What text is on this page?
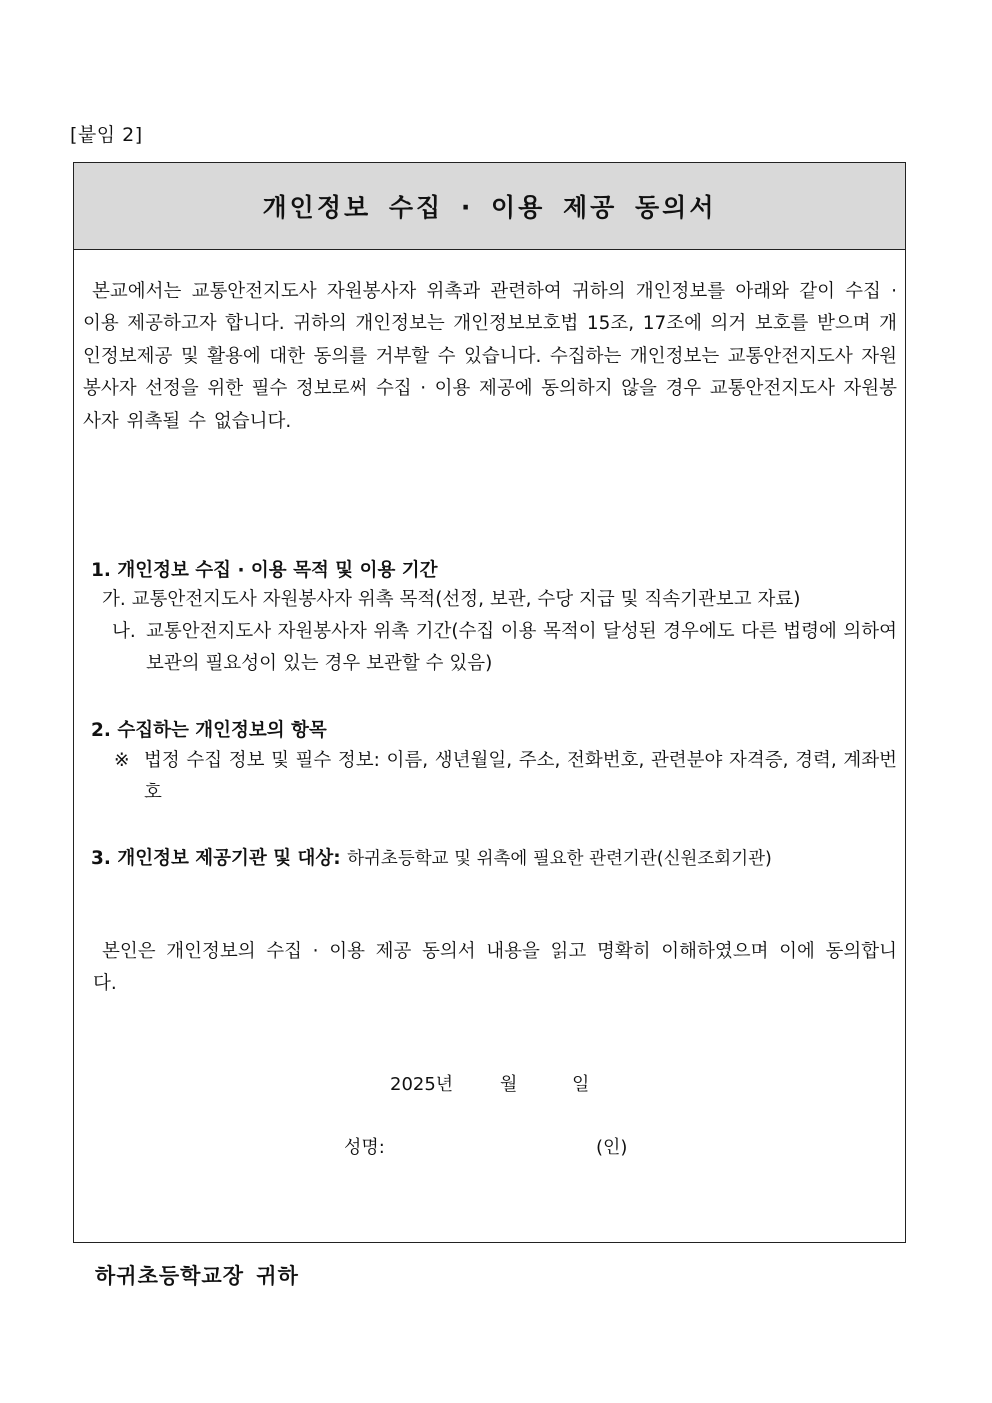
[붙임 2]
개인정보 수집 · 이용 제공 동의서
본교에서는 교통안전지도사 자원봉사자 위촉과 관련하여 귀하의 개인정보를 아래와 같이 수집 · 이용 제공하고자 합니다. 귀하의 개인정보는 개인정보보호법 15조, 17조에 의거 보호를 받으며 개인정보제공 및 활용에 대한 동의를 거부할 수 있습니다. 수집하는 개인정보는 교통안전지도사 자원봉사자 선정을 위한 필수 정보로써 수집 · 이용 제공에 동의하지 않을 경우 교통안전지도사 자원봉사자 위촉될 수 없습니다.
1. 개인정보 수집 · 이용 목적 및 이용 기간
가. 교통안전지도사 자원봉사자 위촉 목적(선정, 보관, 수당 지급 및 직속기관보고 자료)
나. 교통안전지도사 자원봉사자 위촉 기간(수집 이용 목적이 달성된 경우에도 다른 법령에 의하여 보관의 필요성이 있는 경우 보관할 수 있음)
2. 수집하는 개인정보의 항목
※ 법정 수집 정보 및 필수 정보: 이름, 생년월일, 주소, 전화번호, 관련분야 자격증, 경력, 계좌번호
3. 개인정보 제공기관 및 대상: 하귀초등학교 및 위촉에 필요한 관련기관(신원조회기관)
본인은 개인정보의 수집 · 이용 제공 동의서 내용을 읽고 명확히 이해하였으며 이에 동의합니다.
2025년	월	일
성명:	(인)
하귀초등학교장 귀하
